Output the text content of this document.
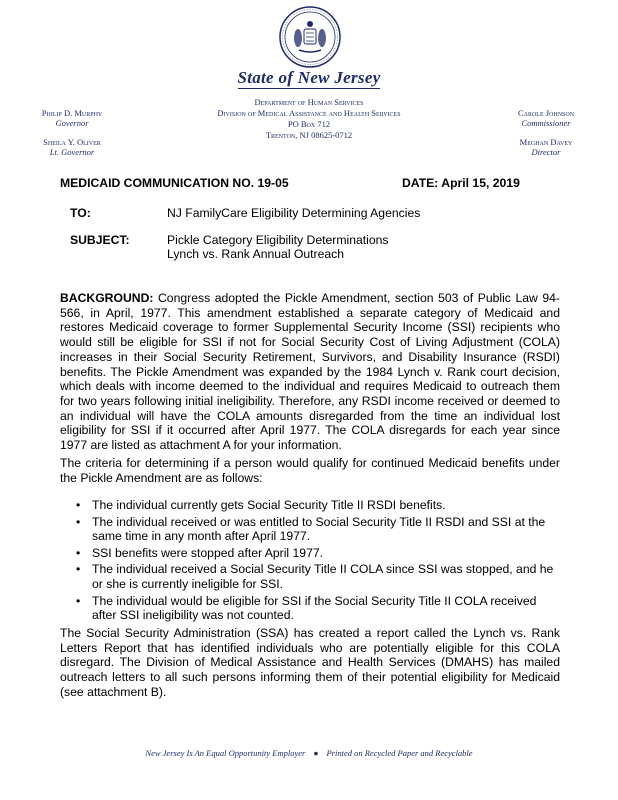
State of New Jersey
Department of Human Services
Division of Medical Assistance and Health Services
PO Box 712
Trenton, NJ 08625-0712
Philip D. Murphy
Governor
Sheila Y. Oliver
Lt. Governor
Carole Johnson
Commissioner
Meghan Davey
Director
MEDICAID COMMUNICATION NO. 19-05	DATE: April 15, 2019
TO:	NJ FamilyCare Eligibility Determining Agencies
SUBJECT:	Pickle Category Eligibility Determinations
Lynch vs. Rank Annual Outreach
BACKGROUND: Congress adopted the Pickle Amendment, section 503 of Public Law 94-566, in April, 1977. This amendment established a separate category of Medicaid and restores Medicaid coverage to former Supplemental Security Income (SSI) recipients who would still be eligible for SSI if not for Social Security Cost of Living Adjustment (COLA) increases in their Social Security Retirement, Survivors, and Disability Insurance (RSDI) benefits. The Pickle Amendment was expanded by the 1984 Lynch v. Rank court decision, which deals with income deemed to the individual and requires Medicaid to outreach them for two years following initial ineligibility. Therefore, any RSDI income received or deemed to an individual will have the COLA amounts disregarded from the time an individual lost eligibility for SSI if it occurred after April 1977. The COLA disregards for each year since 1977 are listed as attachment A for your information.
The criteria for determining if a person would qualify for continued Medicaid benefits under the Pickle Amendment are as follows:
• The individual currently gets Social Security Title II RSDI benefits.
• The individual received or was entitled to Social Security Title II RSDI and SSI at the same time in any month after April 1977.
• SSI benefits were stopped after April 1977.
• The individual received a Social Security Title II COLA since SSI was stopped, and he or she is currently ineligible for SSI.
• The individual would be eligible for SSI if the Social Security Title II COLA received after SSI ineligibility was not counted.
The Social Security Administration (SSA) has created a report called the Lynch vs. Rank Letters Report that has identified individuals who are potentially eligible for this COLA disregard. The Division of Medical Assistance and Health Services (DMAHS) has mailed outreach letters to all such persons informing them of their potential eligibility for Medicaid (see attachment B).
New Jersey Is An Equal Opportunity Employer ● Printed on Recycled Paper and Recyclable
